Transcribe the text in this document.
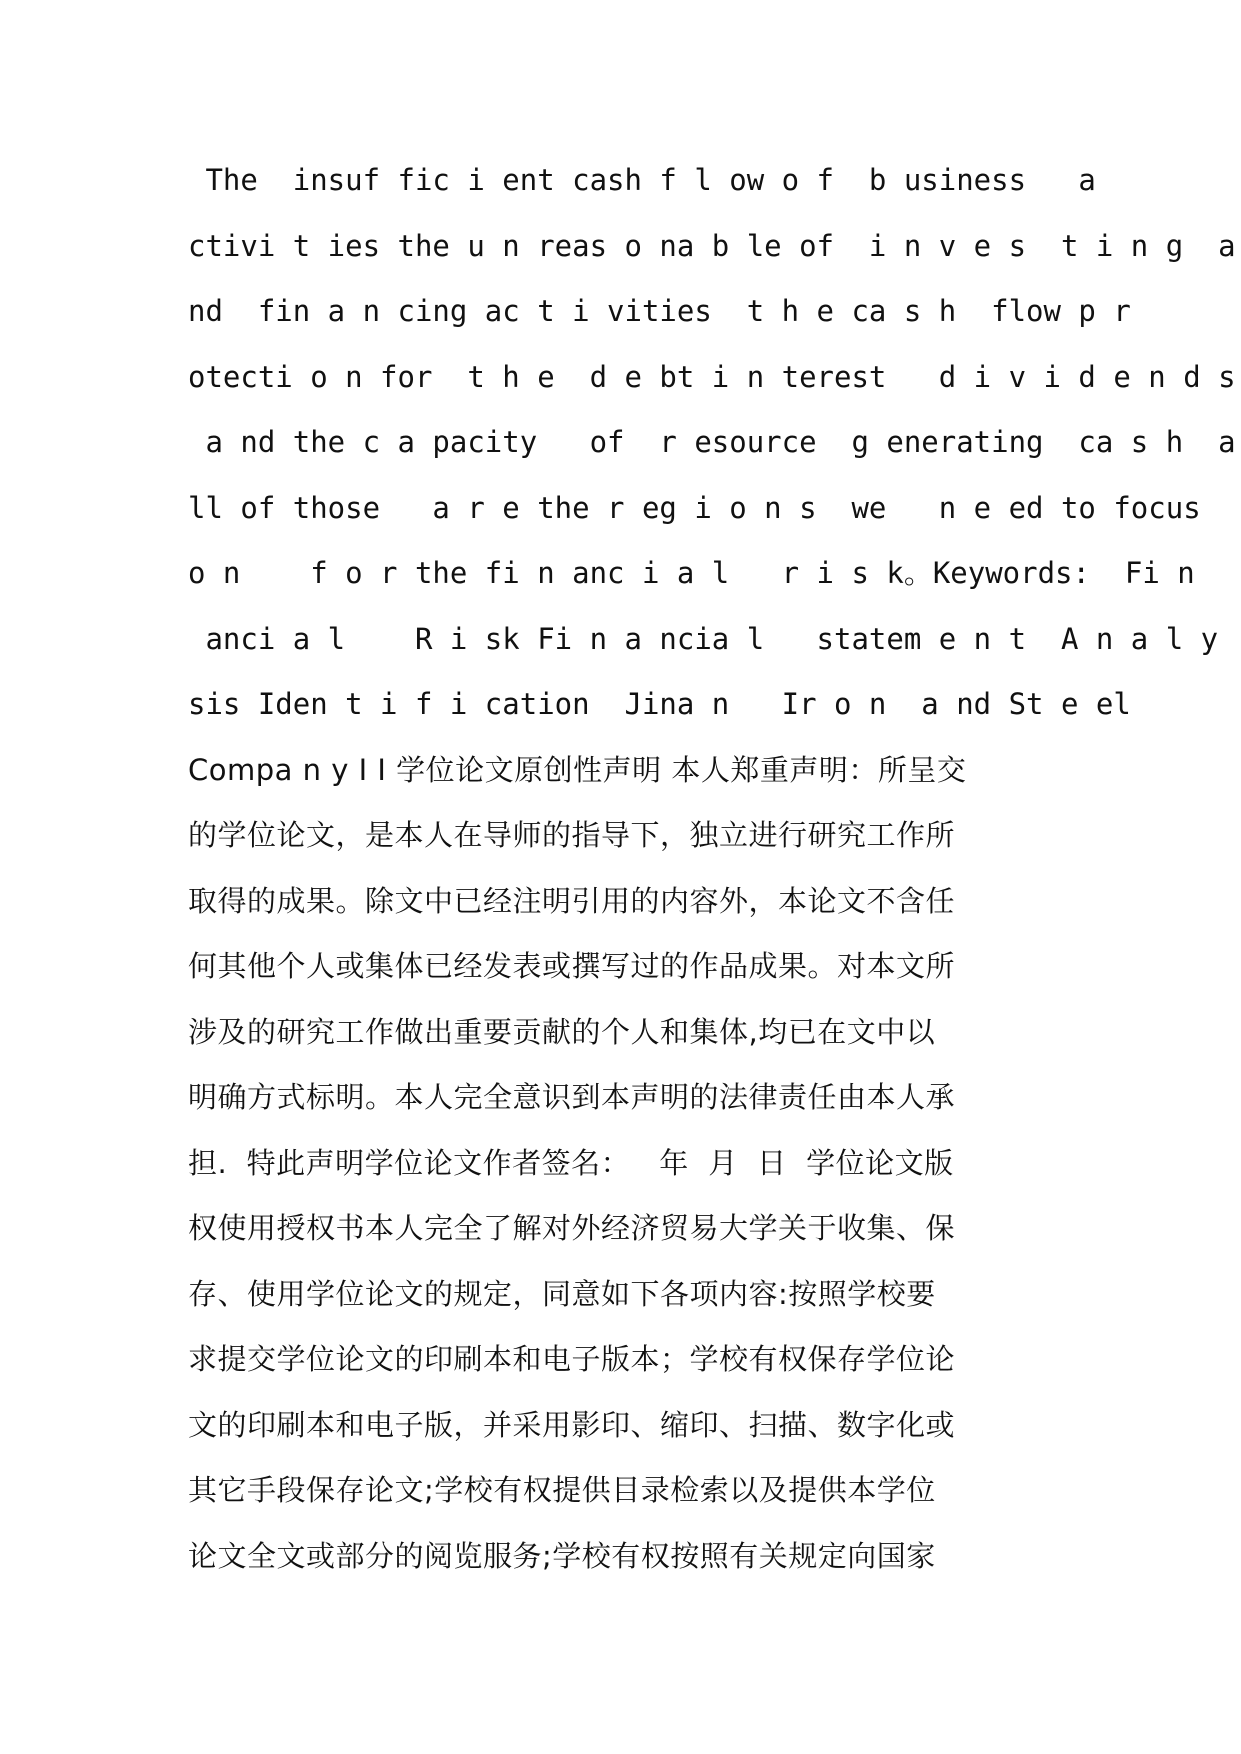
The  insuf fic i ent cash f l ow o f  b usiness   a
ctivi t ies the u n reas o na b le of  i n v e s  t i n g  a
nd  fin a n cing ac t i vities  t h e ca s h  flow p r
otecti o n for  t h e  d e bt i n terest   d i v i d e n d s
a nd the c a pacity   of  r esource  g enerating  ca s h  a
ll of those   a r e the r eg i o n s  we   n e ed to focus
o n    f o r the fi n anc i a l   r i s k。Keywords:  Fi n
anci a l    R i sk Fi n a ncia l   statem e n t  A n a l y
sis Iden t i f i cation  Jina n   Ir o n  a nd St e el
Compa n y Ⅰ Ⅰ 学位论文原创性声明 本人郑重声明：所呈交
的学位论文，是本人在导师的指导下，独立进行研究工作所
取得的成果。除文中已经注明引用的内容外，本论文不含任
何其他个人或集体已经发表或撰写过的作品成果。对本文所
涉及的研究工作做出重要贡献的个人和集体,均已在文中以
明确方式标明。本人完全意识到本声明的法律责任由本人承
担.  特此声明学位论文作者签名：   年  月  日  学位论文版
权使用授权书本人完全了解对外经济贸易大学关于收集、保
存、使用学位论文的规定，同意如下各项内容:按照学校要
求提交学位论文的印刷本和电子版本；学校有权保存学位论
文的印刷本和电子版，并采用影印、缩印、扫描、数字化或
其它手段保存论文;学校有权提供目录检索以及提供本学位
论文全文或部分的阅览服务;学校有权按照有关规定向国家
